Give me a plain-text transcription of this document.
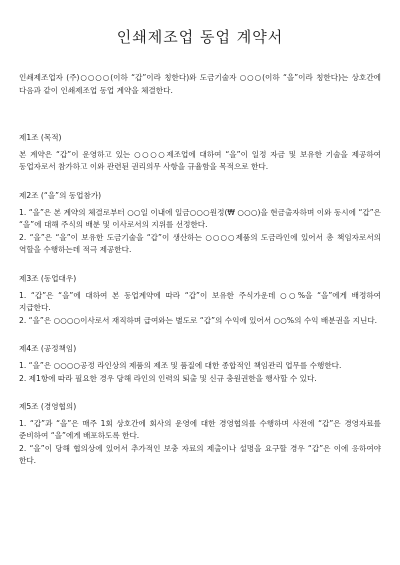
인쇄제조업 동업 계약서

인쇄제조업자 (주)○○○○(이하 “갑”이라 칭한다)와 도금기술자 ○○○(이하 “을”이라 칭한다)는 상호간에 다음과 같이 인쇄제조업 동업 계약을 체결한다.

제1조 (목적)

본 계약은 “갑”이 운영하고 있는 ○○○○제조업에 대하여 “을”이 일정 자금 및 보유한 기술을 제공하여 동업자로서 참가하고 이와 관련된 권리의무 사항을 규율함을 목적으로 한다.

제2조 (“을”의 동업참가)

1. “을”은 본 계약의 체결로부터 ○○일 이내에 일금○○○원정(₩ ○○○)을 현금출자하며 이와 동시에 “갑”은 “을”에 대해 주식의 배분 및 이사로서의 지위를 선정한다.

2. “을”은 “을”이 보유한 도금기술을 “갑”이 생산하는 ○○○○제품의 도금라인에 있어서 총 책임자로서의 역할을 수행하는데 적극 제공한다.

제3조 (동업대우)

1. “갑”은 “을”에 대하여 본 동업계약에 따라 “갑”이 보유한 주식가운데 ○○%을 “을”에게 배정하여 지급한다.

2. “을”은 ○○○○이사로서 재직하며 급여와는 별도로 “갑”의 수익에 있어서 ○○%의 수익 배분권을 지닌다.

제4조 (공정책임)

1. “을”은 ○○○○공정 라인상의 제품의 제조 및 품질에 대한 종합적인 책임관리 업무를 수행한다.

2. 제1항에 따라 필요한 경우 당해 라인의 인력의 퇴출 및 신규 충원권한을 행사할 수 있다.

제5조 (경영협의)

1. “갑”과 “을”은 매주 1회 상호간에 회사의 운영에 대한 경영협의를 수행하며 사전에 “갑”은 경영자료를 준비하여 “을”에게 배포하도록 한다.

2. “을”이 당해 협의상에 있어서 추가적인 보충 자료의 제출이나 설명을 요구할 경우 “갑”은 이에 응하여야 한다.
